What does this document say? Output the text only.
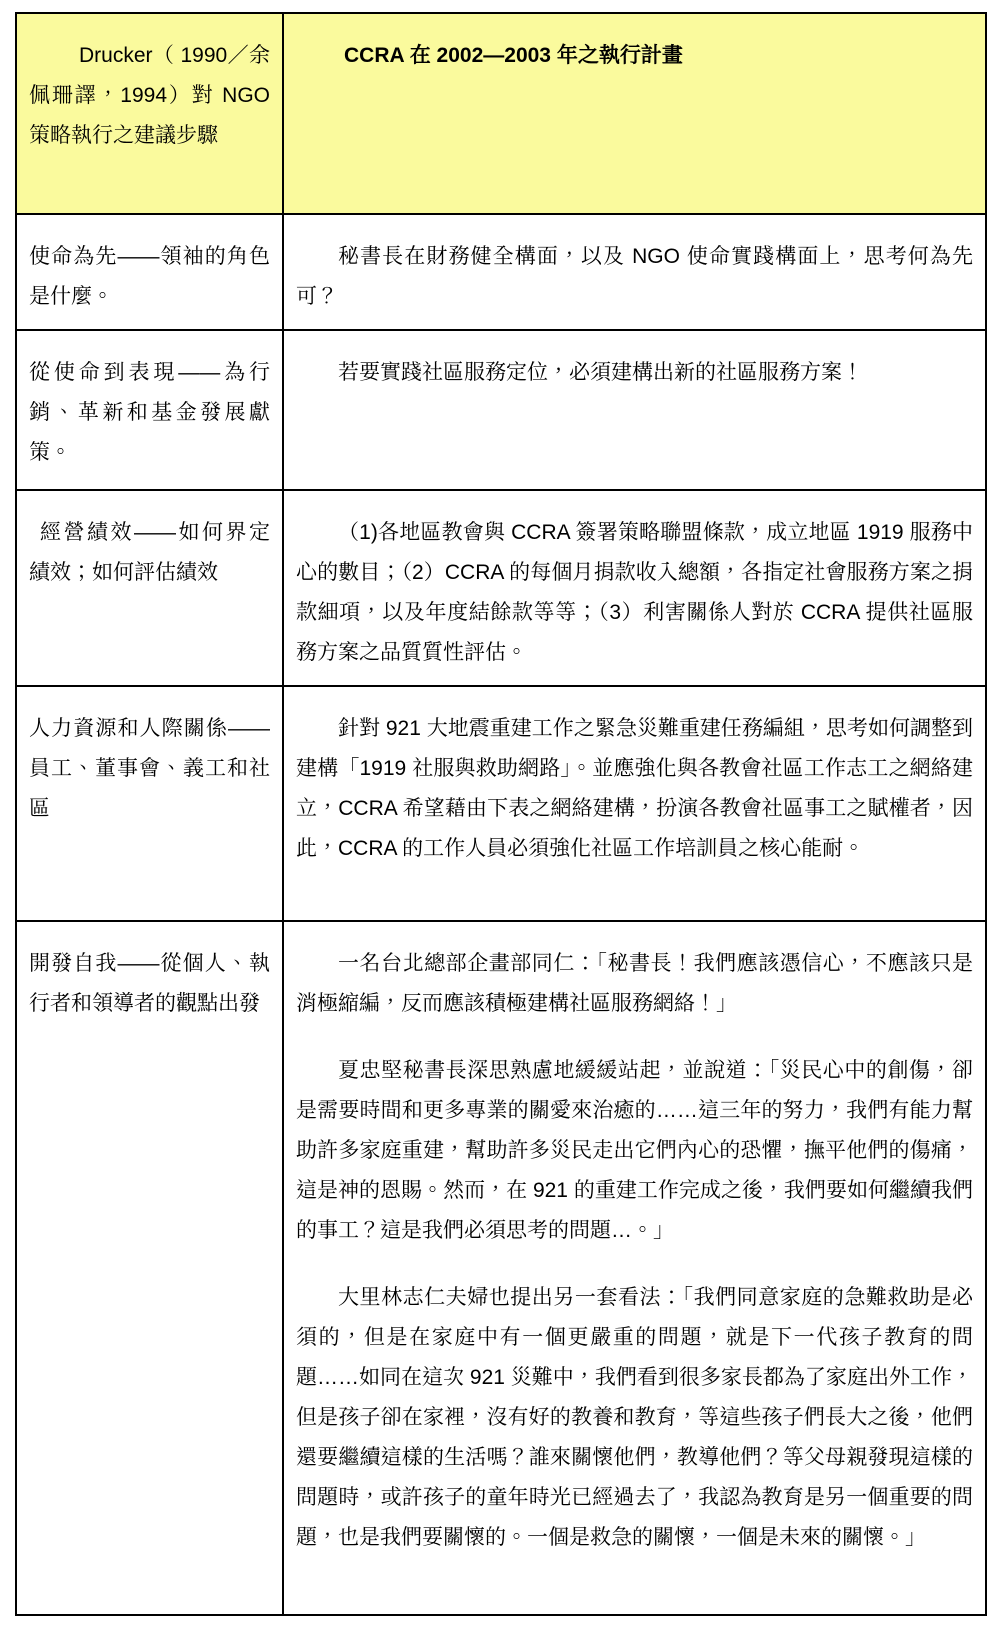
Drucker（ 1990／余佩珊譯，1994）對 NGO 策略執行之建議步驟	CCRA 在 2002—2003 年之執行計畫

使命為先——領袖的角色是什麼。	秘書長在財務健全構面，以及 NGO 使命實踐構面上，思考何為先可？

從使命到表現——為行銷、革新和基金發展獻策。	若要實踐社區服務定位，必須建構出新的社區服務方案！

經營績效——如何界定績效；如何評估績效	（1)各地區教會與 CCRA 簽署策略聯盟條款，成立地區 1919 服務中心的數目；（2）CCRA 的每個月捐款收入總額，各指定社會服務方案之捐款細項，以及年度結餘款等等；（3）利害關係人對於 CCRA 提供社區服務方案之品質質性評估。

人力資源和人際關係——員工、董事會、義工和社區	針對 921 大地震重建工作之緊急災難重建任務編組，思考如何調整到建構「1919 社服與救助網路」。並應強化與各教會社區工作志工之網絡建立，CCRA 希望藉由下表之網絡建構，扮演各教會社區事工之賦權者，因此，CCRA 的工作人員必須強化社區工作培訓員之核心能耐。

開發自我——從個人、執行者和領導者的觀點出發	一名台北總部企畫部同仁：「秘書長！我們應該憑信心，不應該只是消極縮編，反而應該積極建構社區服務網絡！」

夏忠堅秘書長深思熟慮地緩緩站起，並說道：「災民心中的創傷，卻是需要時間和更多專業的關愛來治癒的……這三年的努力，我們有能力幫助許多家庭重建，幫助許多災民走出它們內心的恐懼，撫平他們的傷痛，這是神的恩賜。然而，在 921 的重建工作完成之後，我們要如何繼續我們的事工？這是我們必須思考的問題…。」

大里林志仁夫婦也提出另一套看法：「我們同意家庭的急難救助是必須的，但是在家庭中有一個更嚴重的問題，就是下一代孩子教育的問題……如同在這次 921 災難中，我們看到很多家長都為了家庭出外工作，但是孩子卻在家裡，沒有好的教養和教育，等這些孩子們長大之後，他們還要繼續這樣的生活嗎？誰來關懷他們，教導他們？等父母親發現這樣的問題時，或許孩子的童年時光已經過去了，我認為教育是另一個重要的問題，也是我們要關懷的。一個是救急的關懷，一個是未來的關懷。」
